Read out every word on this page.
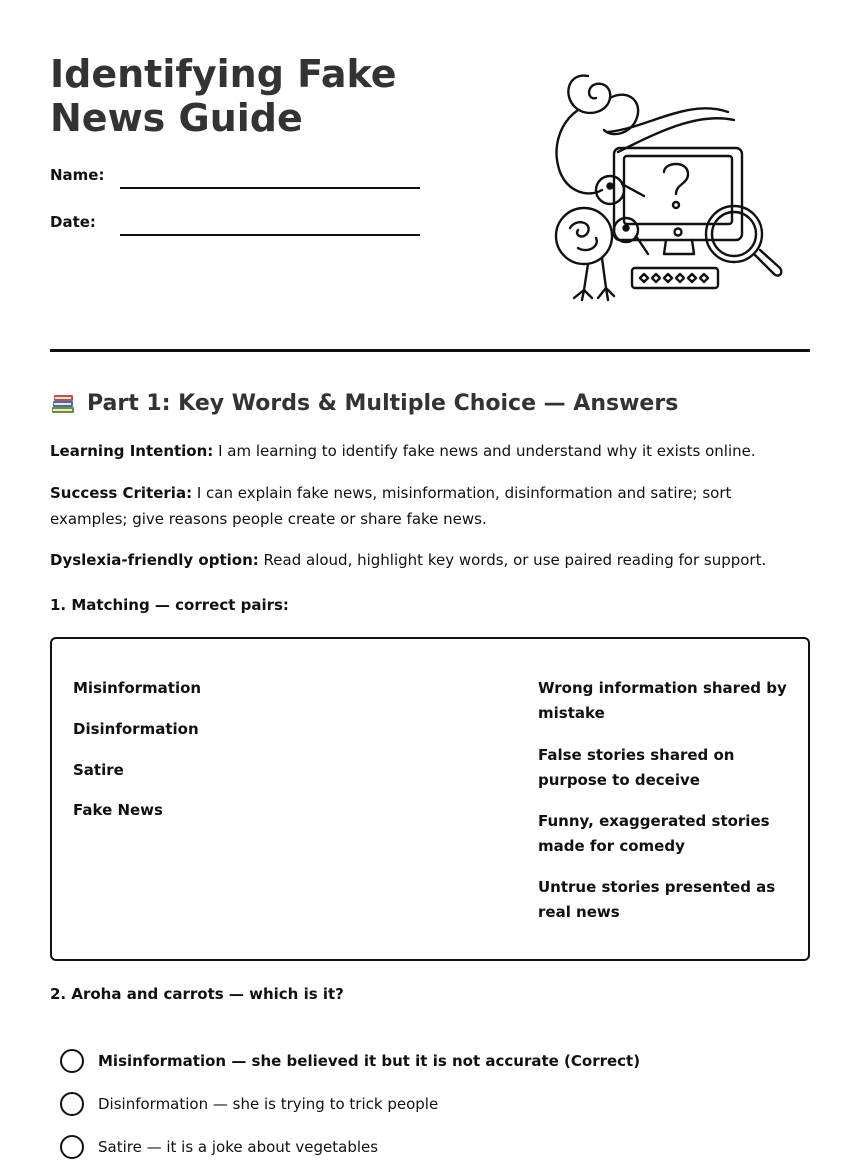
Identifying Fake News Guide
Name:
Date:
Part 1: Key Words & Multiple Choice — Answers
Learning Intention: I am learning to identify fake news and understand why it exists online.
Success Criteria: I can explain fake news, misinformation, disinformation and satire; sort examples; give reasons people create or share fake news.
Dyslexia-friendly option: Read aloud, highlight key words, or use paired reading for support.
1. Matching — correct pairs:
Misinformation
Disinformation
Satire
Fake News
Wrong information shared by mistake
False stories shared on purpose to deceive
Funny, exaggerated stories made for comedy
Untrue stories presented as real news
2. Aroha and carrots — which is it?
Misinformation — she believed it but it is not accurate (Correct)
Disinformation — she is trying to trick people
Satire — it is a joke about vegetables
